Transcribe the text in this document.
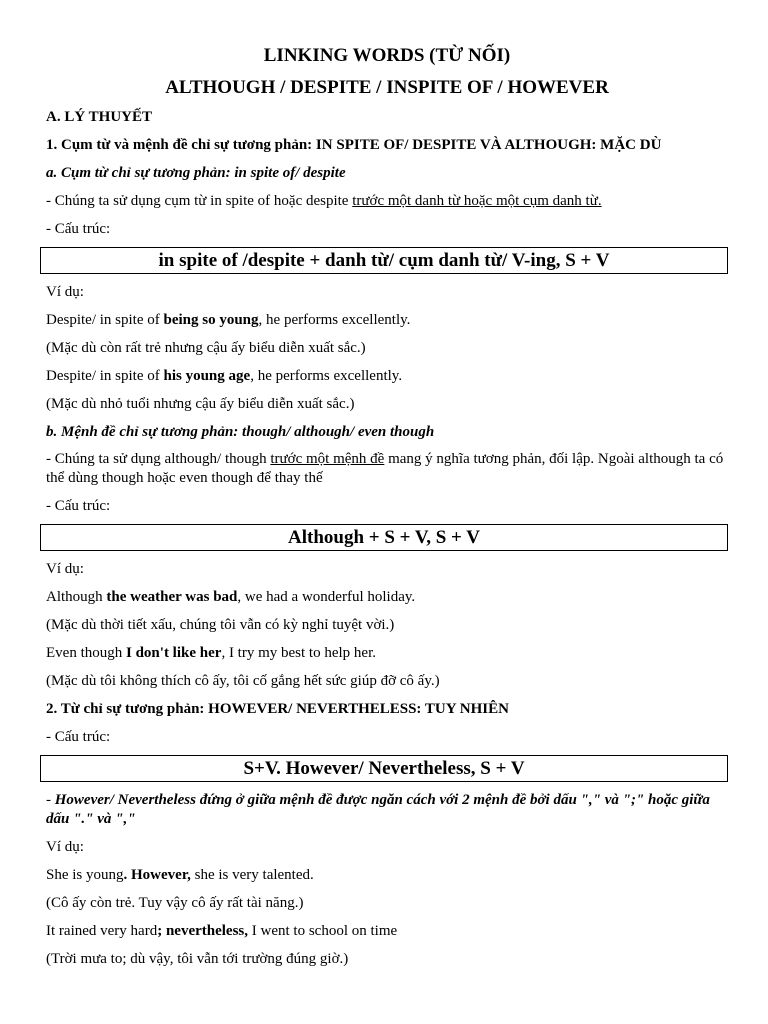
LINKING WORDS (TỪ NỐI)
ALTHOUGH / DESPITE / INSPITE OF / HOWEVER

A. LÝ THUYẾT

1. Cụm từ và mệnh đề chỉ sự tương phản: IN SPITE OF/ DESPITE VÀ ALTHOUGH: MẶC DÙ

a. Cụm từ chỉ sự tương phản: in spite of/ despite

- Chúng ta sử dụng cụm từ in spite of hoặc despite trước một danh từ hoặc một cụm danh từ.

- Cấu trúc:

in spite of /despite + danh từ/ cụm danh từ/ V-ing, S + V

Ví dụ:

Despite/ in spite of being so young, he performs excellently.

(Mặc dù còn rất trẻ nhưng cậu ấy biểu diễn xuất sắc.)

Despite/ in spite of his young age, he performs excellently.

(Mặc dù nhỏ tuổi nhưng cậu ấy biểu diễn xuất sắc.)

b. Mệnh đề chỉ sự tương phản: though/ although/ even though

- Chúng ta sử dụng although/ though trước một mệnh đề mang ý nghĩa tương phản, đối lập. Ngoài although ta có thể dùng though hoặc even though để thay thế

- Cấu trúc:

Although + S + V, S + V

Ví dụ:

Although the weather was bad, we had a wonderful holiday.

(Mặc dù thời tiết xấu, chúng tôi vẫn có kỳ nghỉ tuyệt vời.)

Even though I don't like her, I try my best to help her.

(Mặc dù tôi không thích cô ấy, tôi cố gắng hết sức giúp đỡ cô ấy.)

2. Từ chỉ sự tương phản: HOWEVER/ NEVERTHELESS: TUY NHIÊN

- Cấu trúc:

S+V. However/ Nevertheless, S + V

- However/ Nevertheless đứng ở giữa mệnh đề được ngăn cách với 2 mệnh đề bởi dấu "," và ";" hoặc giữa dấu "." và ","

Ví dụ:

She is young. However, she is very talented.

(Cô ấy còn trẻ. Tuy vậy cô ấy rất tài năng.)

It rained very hard; nevertheless, I went to school on time

(Trời mưa to; dù vậy, tôi vẫn tới trường đúng giờ.)
